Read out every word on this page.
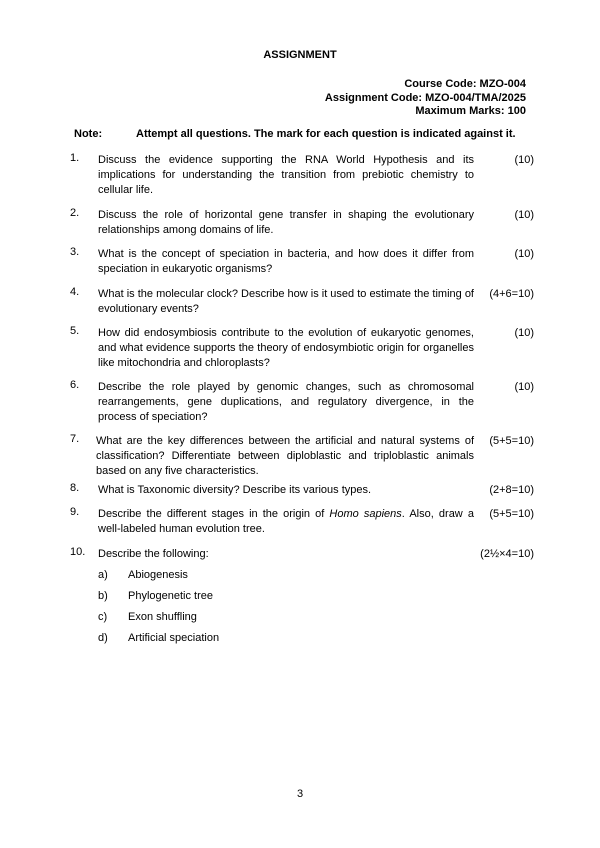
ASSIGNMENT
Course Code: MZO-004
Assignment Code: MZO-004/TMA/2025
Maximum Marks: 100
Note:	Attempt all questions. The mark for each question is indicated against it.
1. Discuss the evidence supporting the RNA World Hypothesis and its implications for understanding the transition from prebiotic chemistry to cellular life.
(10)
2. Discuss the role of horizontal gene transfer in shaping the evolutionary relationships among domains of life.
(10)
3. What is the concept of speciation in bacteria, and how does it differ from speciation in eukaryotic organisms?
(10)
4. What is the molecular clock? Describe how is it used to estimate the timing of evolutionary events?
(4+6=10)
5. How did endosymbiosis contribute to the evolution of eukaryotic genomes, and what evidence supports the theory of endosymbiotic origin for organelles like mitochondria and chloroplasts?
(10)
6. Describe the role played by genomic changes, such as chromosomal rearrangements, gene duplications, and regulatory divergence, in the process of speciation?
(10)
7. What are the key differences between the artificial and natural systems of classification? Differentiate between diploblastic and triploblastic animals based on any five characteristics.
(5+5=10)
8. What is Taxonomic diversity? Describe its various types.	(2+8=10)
9. Describe the different stages in the origin of Homo sapiens. Also, draw a well-labeled human evolution tree.
(5+5=10)
10. Describe the following:	(2½×4=10)
a) Abiogenesis
b) Phylogenetic tree
c) Exon shuffling
d) Artificial speciation
3
